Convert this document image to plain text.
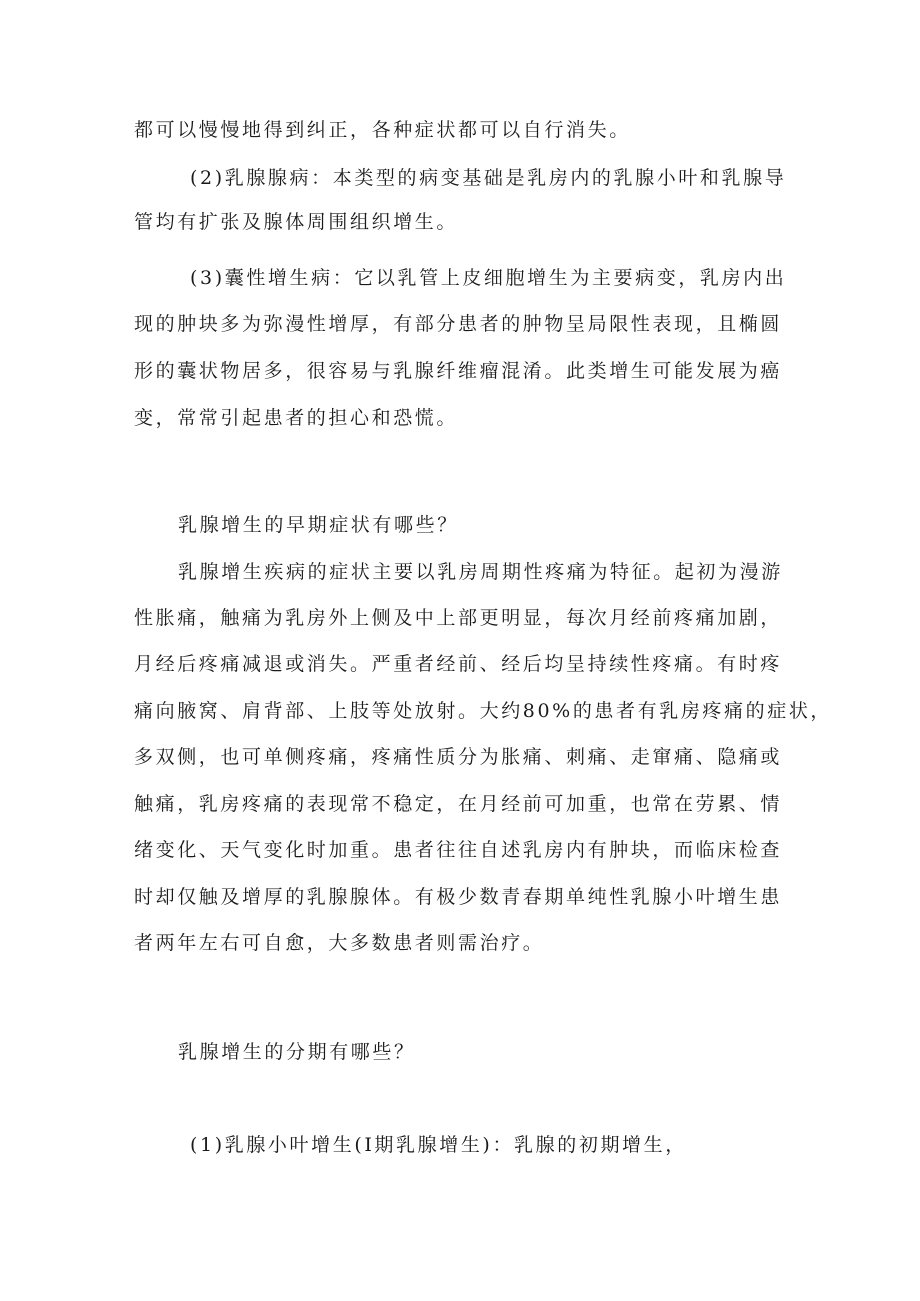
都可以慢慢地得到纠正，各种症状都可以自行消失。
(2)乳腺腺病：本类型的病变基础是乳房内的乳腺小叶和乳腺导
管均有扩张及腺体周围组织增生。
(3)囊性增生病：它以乳管上皮细胞增生为主要病变，乳房内出
现的肿块多为弥漫性增厚，有部分患者的肿物呈局限性表现，且椭圆
形的囊状物居多，很容易与乳腺纤维瘤混淆。此类增生可能发展为癌
变，常常引起患者的担心和恐慌。
乳腺增生的早期症状有哪些？
乳腺增生疾病的症状主要以乳房周期性疼痛为特征。起初为漫游
性胀痛，触痛为乳房外上侧及中上部更明显，每次月经前疼痛加剧，
月经后疼痛减退或消失。严重者经前、经后均呈持续性疼痛。有时疼
痛向腋窝、肩背部、上肢等处放射。大约80%的患者有乳房疼痛的症状，
多双侧，也可单侧疼痛，疼痛性质分为胀痛、刺痛、走窜痛、隐痛或
触痛，乳房疼痛的表现常不稳定，在月经前可加重，也常在劳累、情
绪变化、天气变化时加重。患者往往自述乳房内有肿块，而临床检查
时却仅触及增厚的乳腺腺体。有极少数青春期单纯性乳腺小叶增生患
者两年左右可自愈，大多数患者则需治疗。
乳腺增生的分期有哪些？
(1)乳腺小叶增生(I期乳腺增生)：乳腺的初期增生，
